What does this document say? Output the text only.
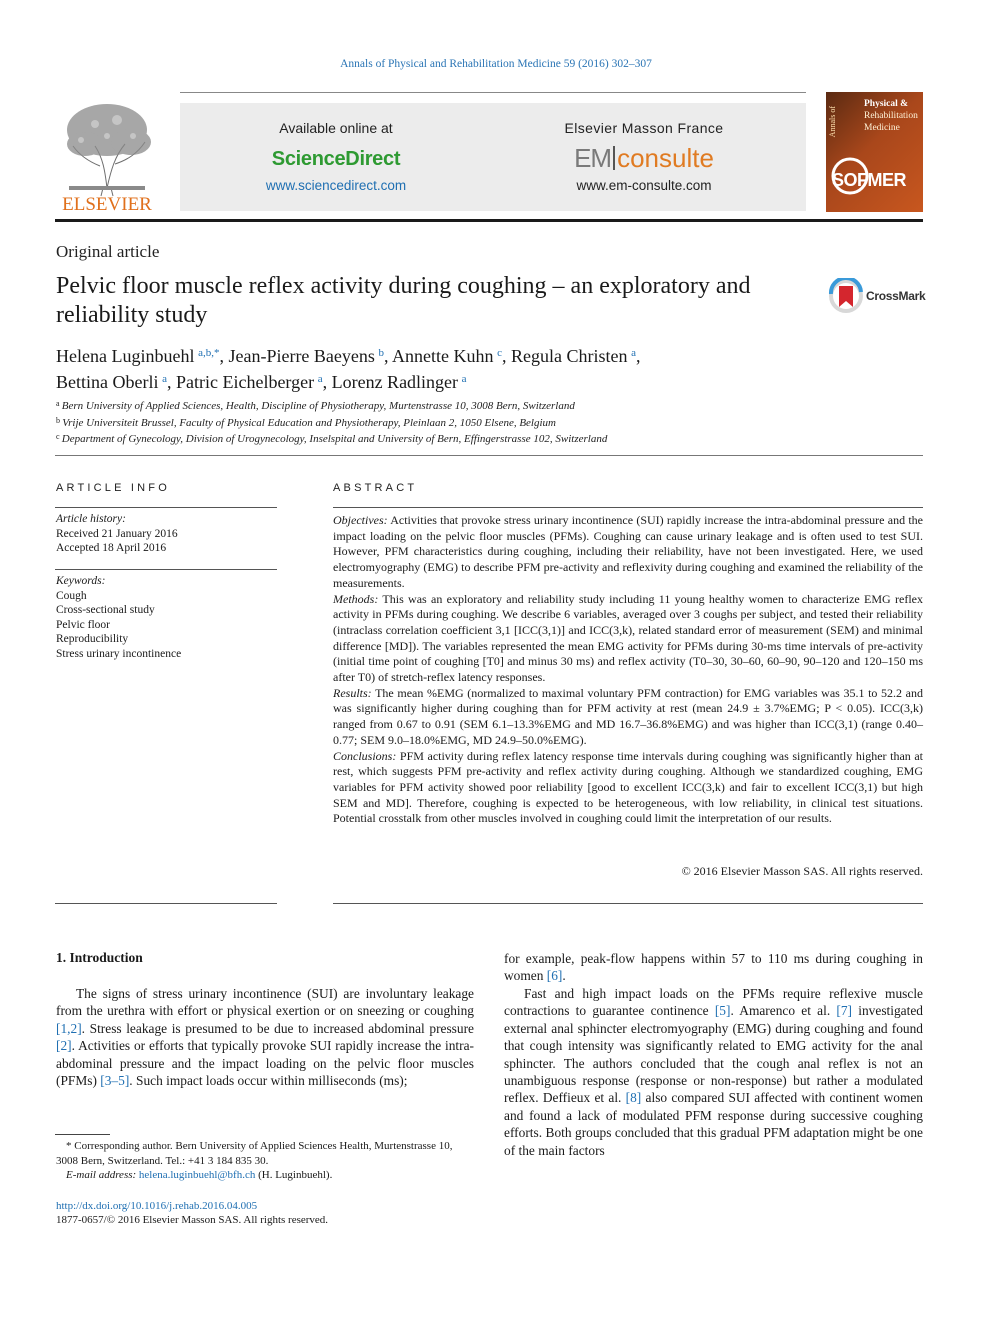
Annals of Physical and Rehabilitation Medicine 59 (2016) 302–307
ELSEVIER
Available online at
ScienceDirect
www.sciencedirect.com
Elsevier Masson France
EM consulte
www.em-consulte.com
Annals of
Physical &
Rehabilitation
Medicine
SOFMER
Original article
Pelvic floor muscle reflex activity during coughing – an exploratory and reliability study
CrossMark
Helena Luginbuehl  $^{a,b,*}$, Jean-Pierre Baeyens  $^b$, Annette Kuhn  $^c$, Regula Christen  $^a$,
Bettina Oberli  $^a$, Patric Eichelberger  $^a$, Lorenz Radlinger  $^a$
$^a$  Bern University of Applied Sciences, Health, Discipline of Physiotherapy, Murtenstrasse 10, 3008 Bern, Switzerland
$^b$  Vrije Universiteit Brussel, Faculty of Physical Education and Physiotherapy, Pleinlaan 2, 1050 Elsene, Belgium
$^c$  Department of Gynecology, Division of Urogynecology, Inselspital and University of Bern, Effingerstrasse 102, Switzerland
ARTICLE INFO	ABSTRACT
Article history:
Received 21 January 2016
Accepted 18 April 2016
Keywords:
Cough
Cross-sectional study
Pelvic floor
Reproducibility
Stress urinary incontinence

Objectives: Activities that provoke stress urinary incontinence (SUI) rapidly increase the intra-abdominal pressure and the impact loading on the pelvic floor muscles (PFMs). Coughing can cause urinary leakage and is often used to test SUI. However, PFM characteristics during coughing, including their reliability, have not been investigated. Here, we used electromyography (EMG) to describe PFM pre-activity and reflexivity during coughing and examined the reliability of the measurements.

Methods: This was an exploratory and reliability study including 11 young healthy women to characterize EMG reflex activity in PFMs during coughing. We describe 6 variables, averaged over 3 coughs per subject, and tested their reliability (intraclass correlation coefficient 3,1 [ICC(3,1)] and ICC(3,k), related standard error of measurement (SEM) and minimal difference [MD]). The variables represented the mean EMG activity for PFMs during 30-ms time intervals of pre-activity (initial time point of coughing [T0] and minus 30 ms) and reflex activity (T0–30, 30–60, 60–90, 90–120 and 120–150 ms after T0) of stretch-reflex latency responses.

Results: The mean %EMG (normalized to maximal voluntary PFM contraction) for EMG variables was 35.1 to 52.2 and was significantly higher during coughing than for PFM activity at rest (mean 24.9 ± 3.7%EMG; P < 0.05). ICC(3,k) ranged from 0.67 to 0.91 (SEM 6.1–13.3%EMG and MD 16.7–36.8%EMG) and was higher than ICC(3,1) (range 0.40–0.77; SEM 9.0–18.0%EMG, MD 24.9–50.0%EMG).

Conclusions: PFM activity during reflex latency response time intervals during coughing was significantly higher than at rest, which suggests PFM pre-activity and reflex activity during coughing. Although we standardized coughing, EMG variables for PFM activity showed poor reliability [good to excellent ICC(3,k) and fair to excellent ICC(3,1) but high SEM and MD]. Therefore, coughing is expected to be heterogeneous, with low reliability, in clinical test situations. Potential crosstalk from other muscles involved in coughing could limit the interpretation of our results.

© 2016 Elsevier Masson SAS. All rights reserved.
1. Introduction
The signs of stress urinary incontinence (SUI) are involuntary leakage from the urethra with effort or physical exertion or on sneezing or coughing [1,2]. Stress leakage is presumed to be due to increased abdominal pressure [2]. Activities or efforts that typically provoke SUI rapidly increase the intra-abdominal pressure and the impact loading on the pelvic floor muscles (PFMs) [3–5]. Such impact loads occur within milliseconds (ms);
for example, peak-flow happens within 57 to 110 ms during coughing in women [6].
Fast and high impact loads on the PFMs require reflexive muscle contractions to guarantee continence [5]. Amarenco et al. [7] investigated external anal sphincter electromyography (EMG) during coughing and found that cough intensity was significantly related to EMG activity for the anal sphincter. The authors concluded that the cough anal reflex is not an unambiguous response (response or non-response) but rather a modulated reflex. Deffieux et al. [8] also compared SUI affected with continent women and found a lack of modulated PFM response during successive coughing efforts. Both groups concluded that this gradual PFM adaptation might be one of the main factors
* Corresponding author. Bern University of Applied Sciences Health, Murtenstrasse 10, 3008 Bern, Switzerland. Tel.: +41 3 184 835 30.
E-mail address: helena.luginbuehl@bfh.ch (H. Luginbuehl).
http://dx.doi.org/10.1016/j.rehab.2016.04.005
1877-0657/© 2016 Elsevier Masson SAS. All rights reserved.
